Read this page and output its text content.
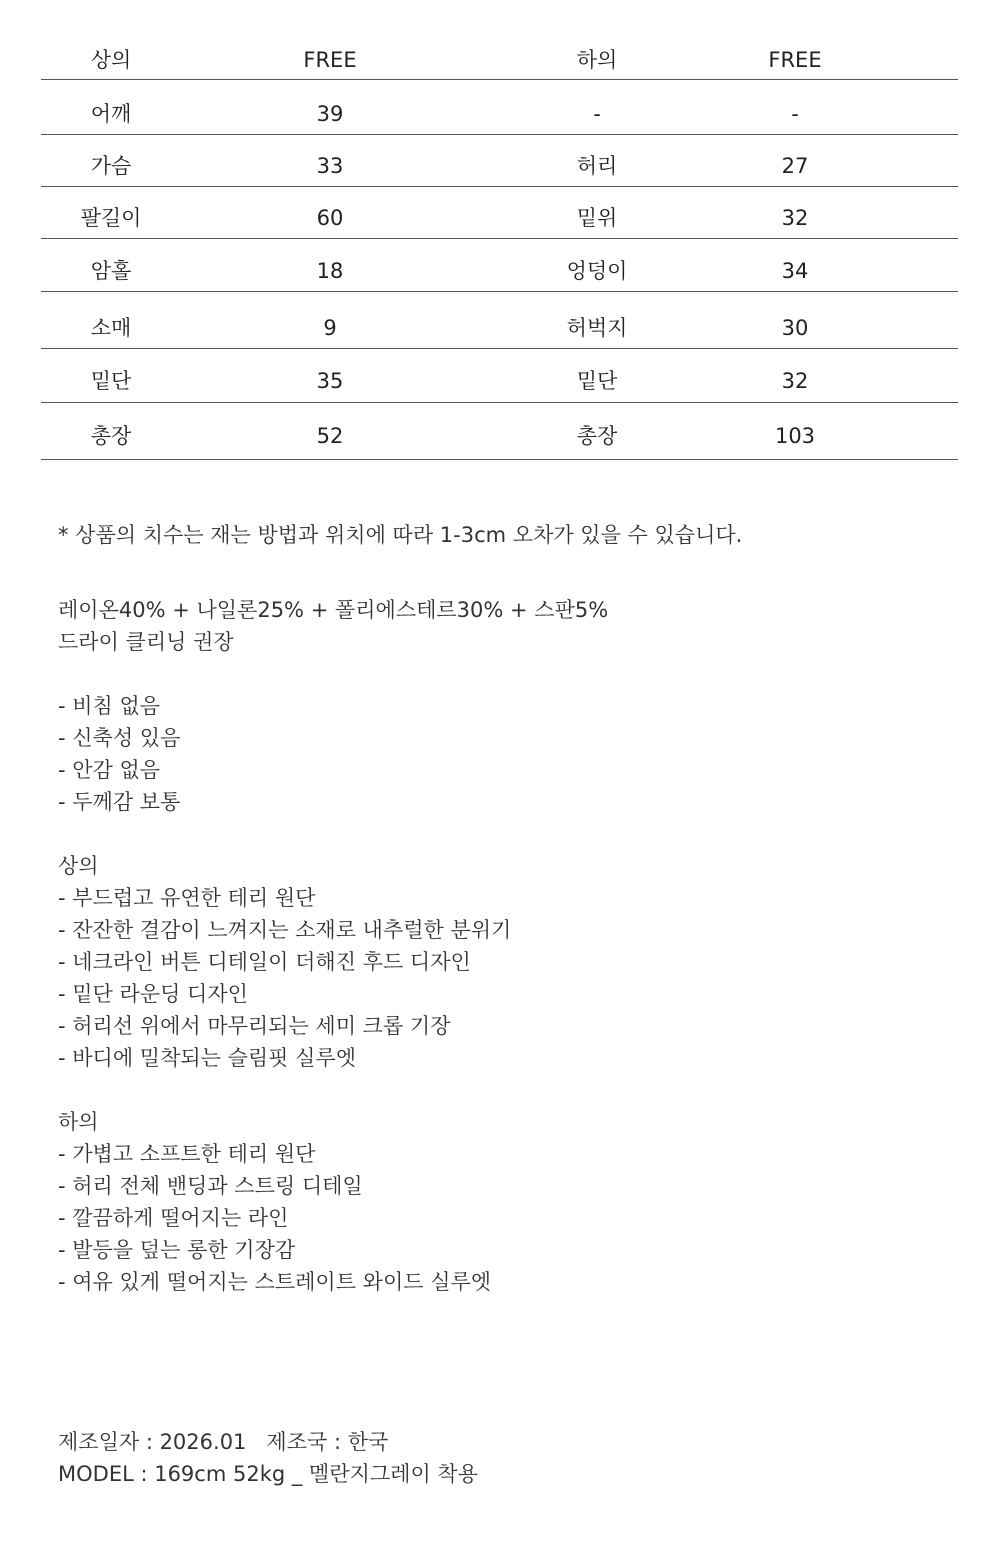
상의	FREE	하의	FREE
어깨	39	-	-
가슴	33	허리	27
팔길이	60	밑위	32
암홀	18	엉덩이	34
소매	9	허벅지	30
밑단	35	밑단	32
총장	52	총장	103
* 상품의 치수는 재는 방법과 위치에 따라 1-3cm 오차가 있을 수 있습니다.
레이온40% + 나일론25% + 폴리에스테르30% + 스판5%
드라이 클리닝 권장
- 비침 없음
- 신축성 있음
- 안감 없음
- 두께감 보통
상의
- 부드럽고 유연한 테리 원단
- 잔잔한 결감이 느껴지는 소재로 내추럴한 분위기
- 네크라인 버튼 디테일이 더해진 후드 디자인
- 밑단 라운딩 디자인
- 허리선 위에서 마무리되는 세미 크롭 기장
- 바디에 밀착되는 슬림핏 실루엣
하의
- 가볍고 소프트한 테리 원단
- 허리 전체 밴딩과 스트링 디테일
- 깔끔하게 떨어지는 라인
- 발등을 덮는 롱한 기장감
- 여유 있게 떨어지는 스트레이트 와이드 실루엣

제조일자 : 2026.01   제조국 : 한국

MODEL : 169cm 52kg _ 멜란지그레이 착용
